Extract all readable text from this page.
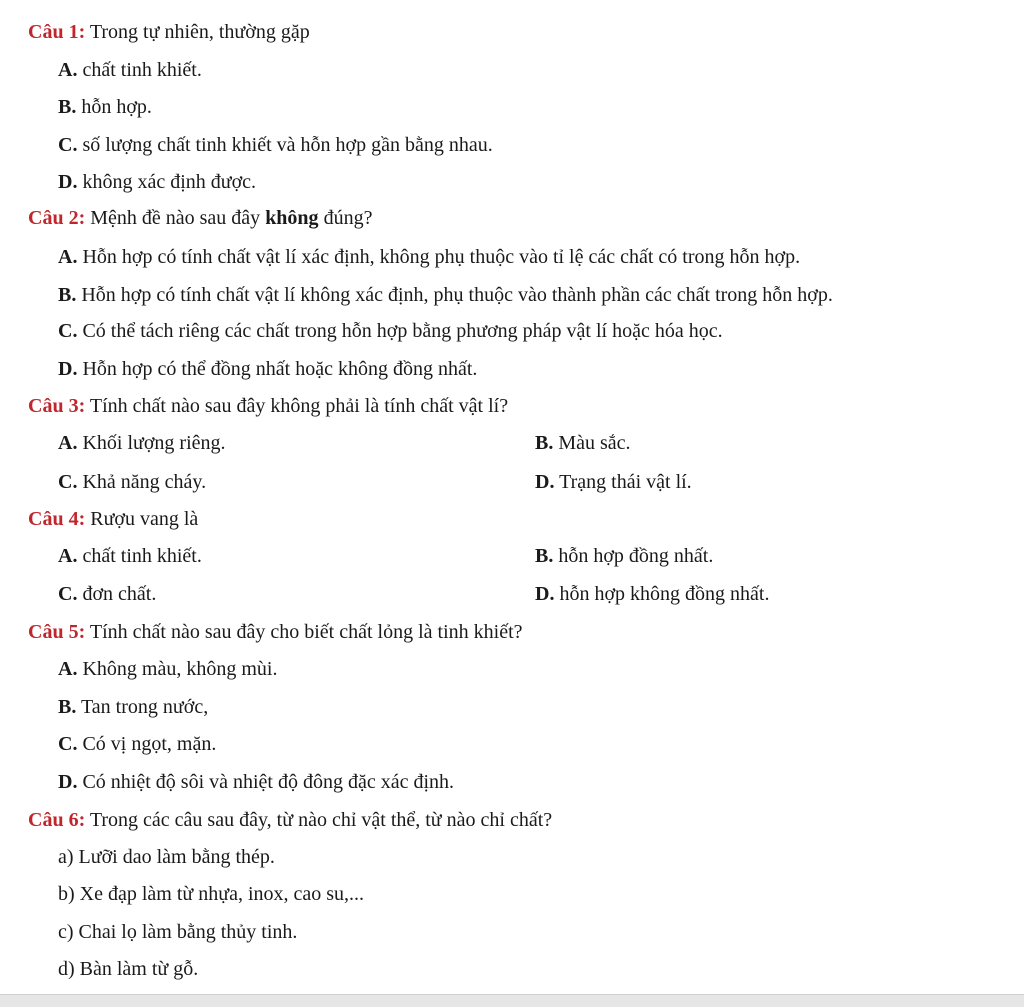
Câu 1: Trong tự nhiên, thường gặp
A. chất tinh khiết.
B. hỗn hợp.
C. số lượng chất tinh khiết và hỗn hợp gần bằng nhau.
D. không xác định được.
Câu 2: Mệnh đề nào sau đây không đúng?
A. Hỗn hợp có tính chất vật lí xác định, không phụ thuộc vào tỉ lệ các chất có trong hỗn hợp.
B. Hỗn hợp có tính chất vật lí không xác định, phụ thuộc vào thành phần các chất trong hỗn hợp.
C. Có thể tách riêng các chất trong hỗn hợp bằng phương pháp vật lí hoặc hóa học.
D. Hỗn hợp có thể đồng nhất hoặc không đồng nhất.
Câu 3: Tính chất nào sau đây không phải là tính chất vật lí?
A. Khối lượng riêng.	B. Màu sắc.
C. Khả năng cháy.	D. Trạng thái vật lí.
Câu 4: Rượu vang là
A. chất tinh khiết.	B. hỗn hợp đồng nhất.
C. đơn chất.	D. hỗn hợp không đồng nhất.
Câu 5: Tính chất nào sau đây cho biết chất lỏng là tinh khiết?
A. Không màu, không mùi.
B. Tan trong nước,
C. Có vị ngọt, mặn.
D. Có nhiệt độ sôi và nhiệt độ đông đặc xác định.
Câu 6: Trong các câu sau đây, từ nào chỉ vật thể, từ nào chỉ chất?
a) Lưỡi dao làm bằng thép.
b) Xe đạp làm từ nhựa, inox, cao su,...
c) Chai lọ làm bằng thủy tinh.
d) Bàn làm từ gỗ.
